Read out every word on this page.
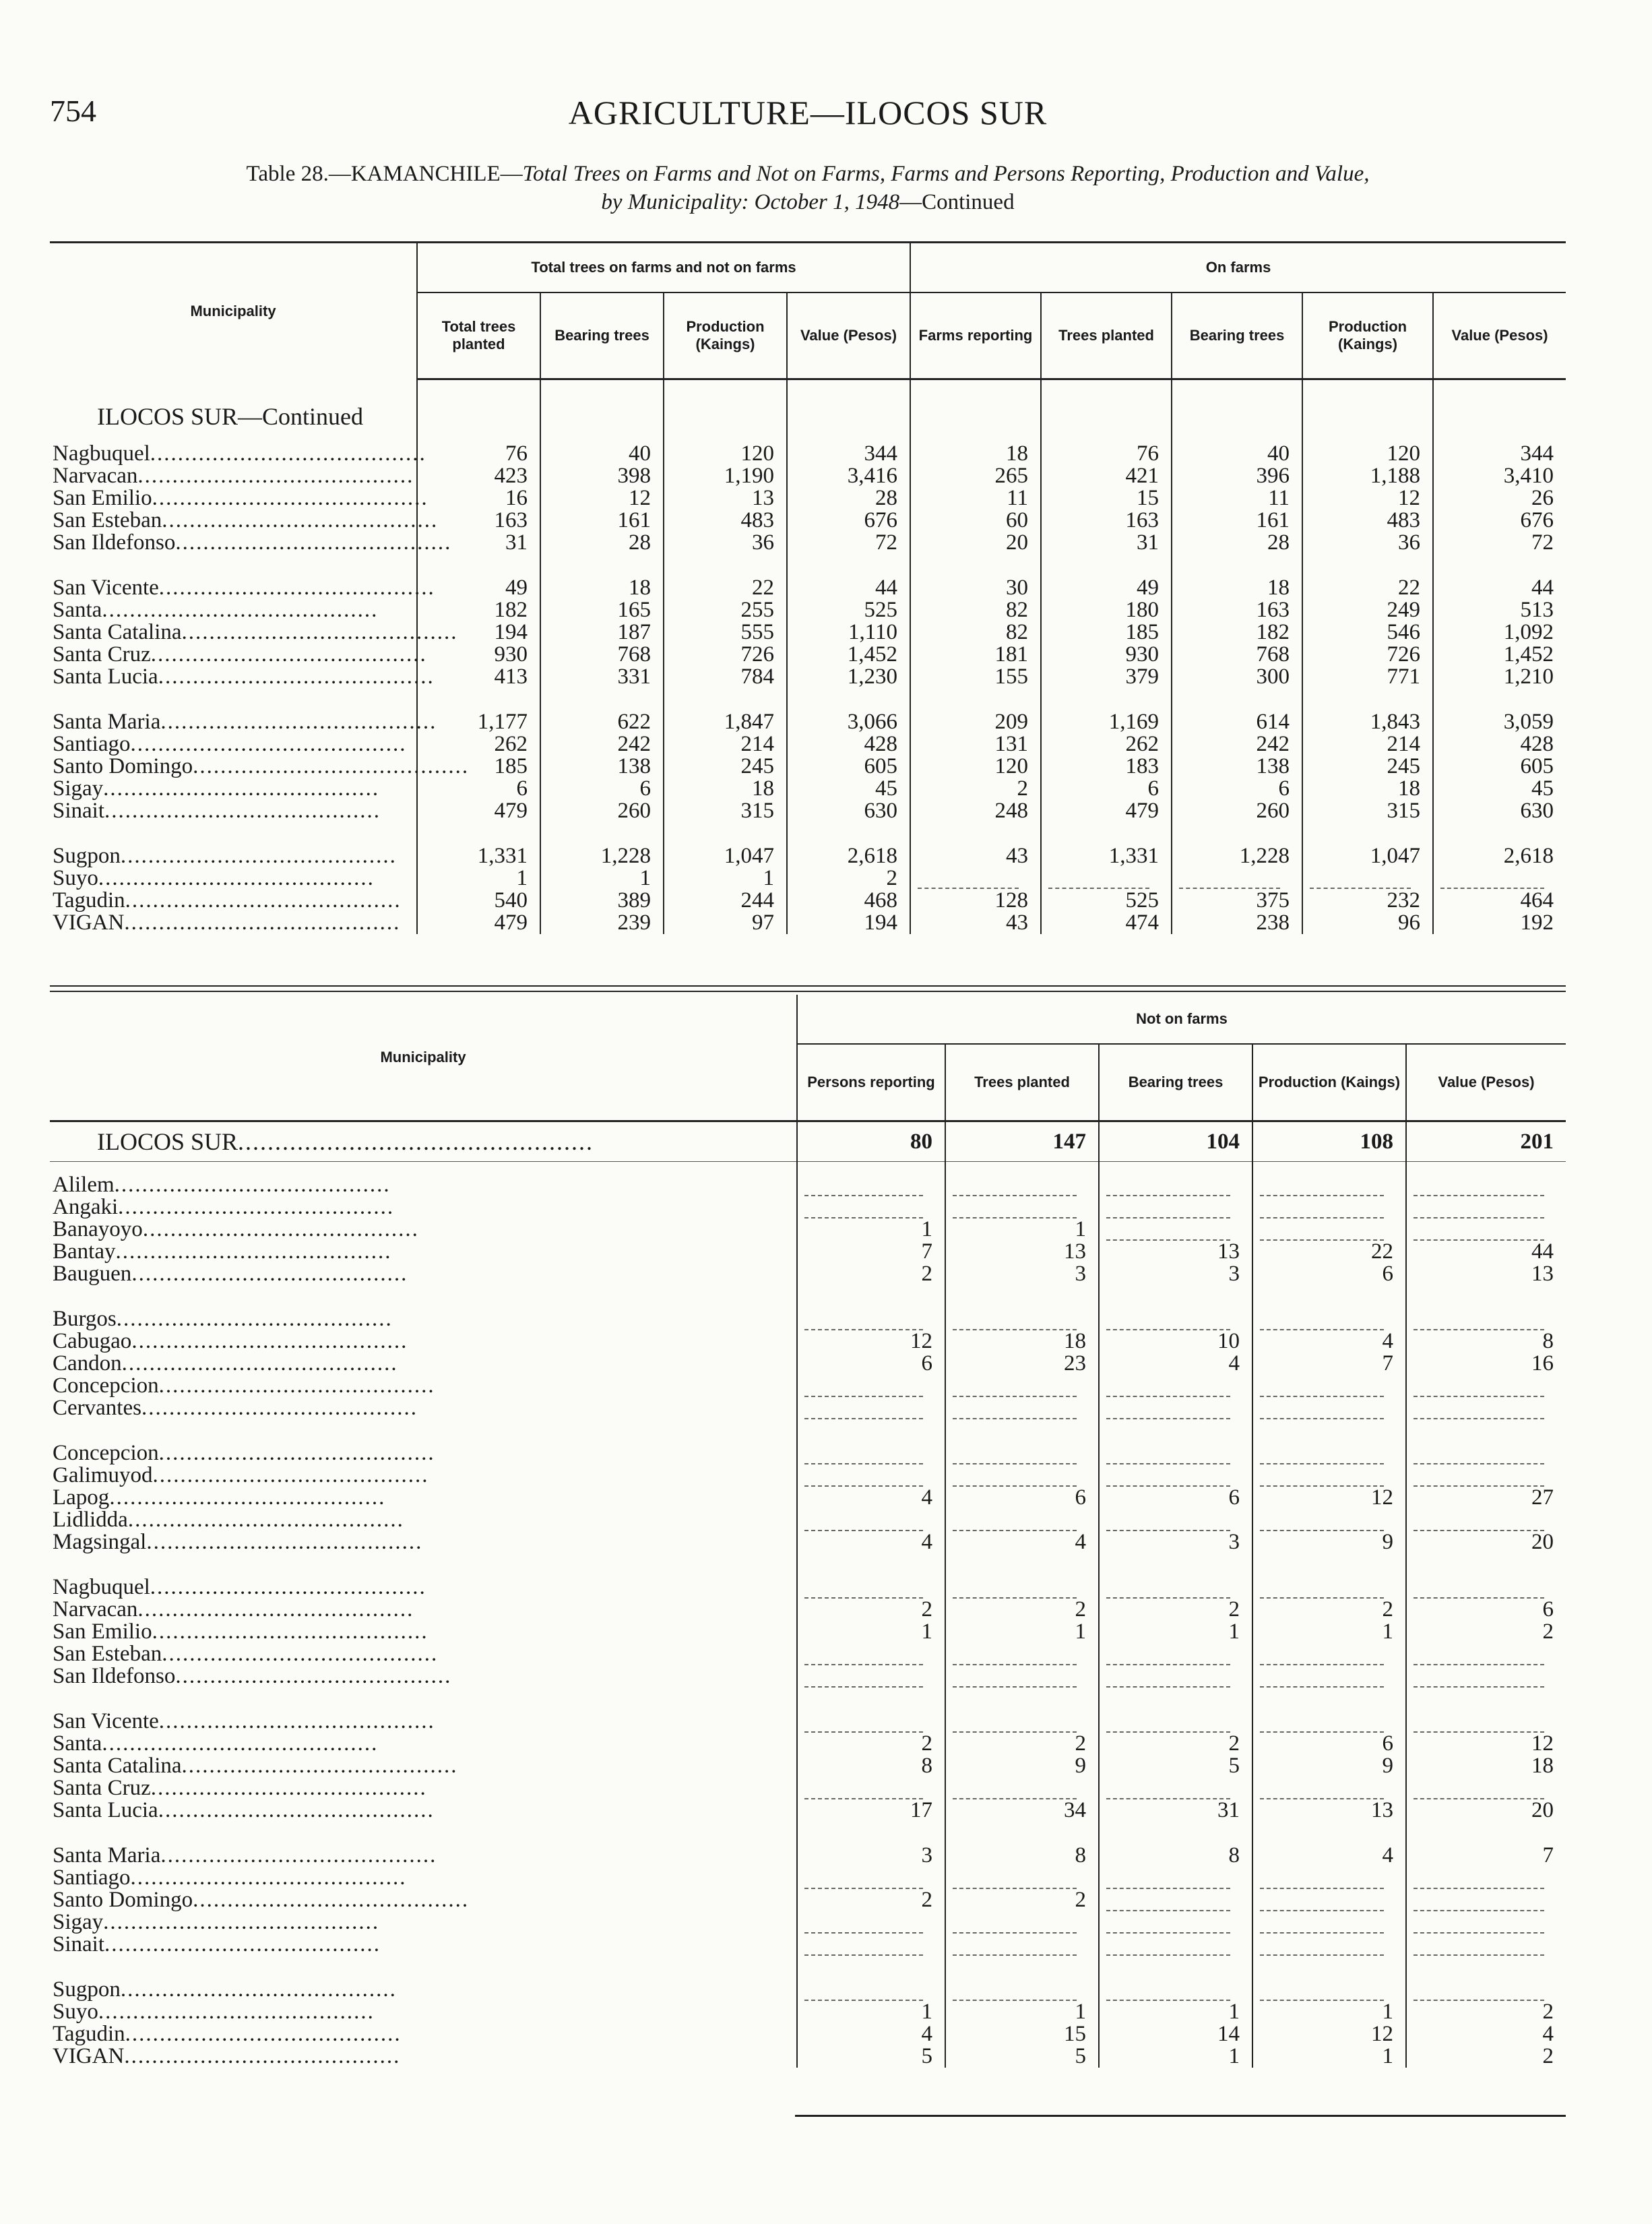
754	AGRICULTURE—ILOCOS SUR
Table 28.—KAMANCHILE—Total Trees on Farms and Not on Farms, Farms and Persons Reporting, Production and Value,
by Municipality: October 1, 1948—Continued
Municipality	Total trees on farms and not on farms				On farms				
	Total trees planted	Bearing trees	Production (Kaings)	Value (Pesos)	Farms reporting	Trees planted	Bearing trees	Production (Kaings)	Value (Pesos)
ILOCOS SUR—Continued									

Nagbuquel........................................	76	40	120	344	18	76	40	120	344
Narvacan........................................	423	398	1,190	3,416	265	421	396	1,188	3,410
San Emilio........................................	16	12	13	28	11	15	11	12	26
San Esteban........................................	163	161	483	676	60	163	161	483	676
San Ildefonso........................................	31	28	36	72	20	31	28	36	72

San Vicente........................................	49	18	22	44	30	49	18	22	44
Santa........................................	182	165	255	525	82	180	163	249	513
Santa Catalina........................................	194	187	555	1,110	82	185	182	546	1,092
Santa Cruz........................................	930	768	726	1,452	181	930	768	726	1,452
Santa Lucia........................................	413	331	784	1,230	155	379	300	771	1,210

Santa Maria........................................	1,177	622	1,847	3,066	209	1,169	614	1,843	3,059
Santiago........................................	262	242	214	428	131	262	242	214	428
Santo Domingo........................................	185	138	245	605	120	183	138	245	605
Sigay........................................	6	6	18	45	2	6	6	18	45
Sinait........................................	479	260	315	630	248	479	260	315	630

Sugpon........................................	1,331	1,228	1,047	2,618	43	1,331	1,228	1,047	2,618
Suyo........................................	1	1	1	2	

Tagudin........................................	540	389	244	468	128	525	375	232	464
VIGAN........................................	479	239	97	194	43	474	238	96	192
Municipality	Not on farms				
	Persons reporting	Trees planted	Bearing trees	Production (Kaings)	Value (Pesos)
ILOCOS SUR................................................	80	147	104	108	201

Alilem........................................	

Angaki........................................	

Banayoyo........................................	1	1	

Bantay........................................	7	13	13	22	44
Bauguen........................................	2	3	3	6	13

Burgos........................................	

Cabugao........................................	12	18	10	4	8
Candon........................................	6	23	4	7	16
Concepcion........................................	

Cervantes........................................	

Concepcion........................................	

Galimuyod........................................	

Lapog........................................	4	6	6	12	27
Lidlidda........................................	

Magsingal........................................	4	4	3	9	20

Nagbuquel........................................	

Narvacan........................................	2	2	2	2	6
San Emilio........................................	1	1	1	1	2
San Esteban........................................	

San Ildefonso........................................	

San Vicente........................................	

Santa........................................	2	2	2	6	12
Santa Catalina........................................	8	9	5	9	18
Santa Cruz........................................	

Santa Lucia........................................	17	34	31	13	20

Santa Maria........................................	3	8	8	4	7
Santiago........................................	

Santo Domingo........................................	2	2	

Sigay........................................	

Sinait........................................	

Sugpon........................................	

Suyo........................................	1	1	1	1	2
Tagudin........................................	4	15	14	12	4
VIGAN........................................	5	5	1	1	2
